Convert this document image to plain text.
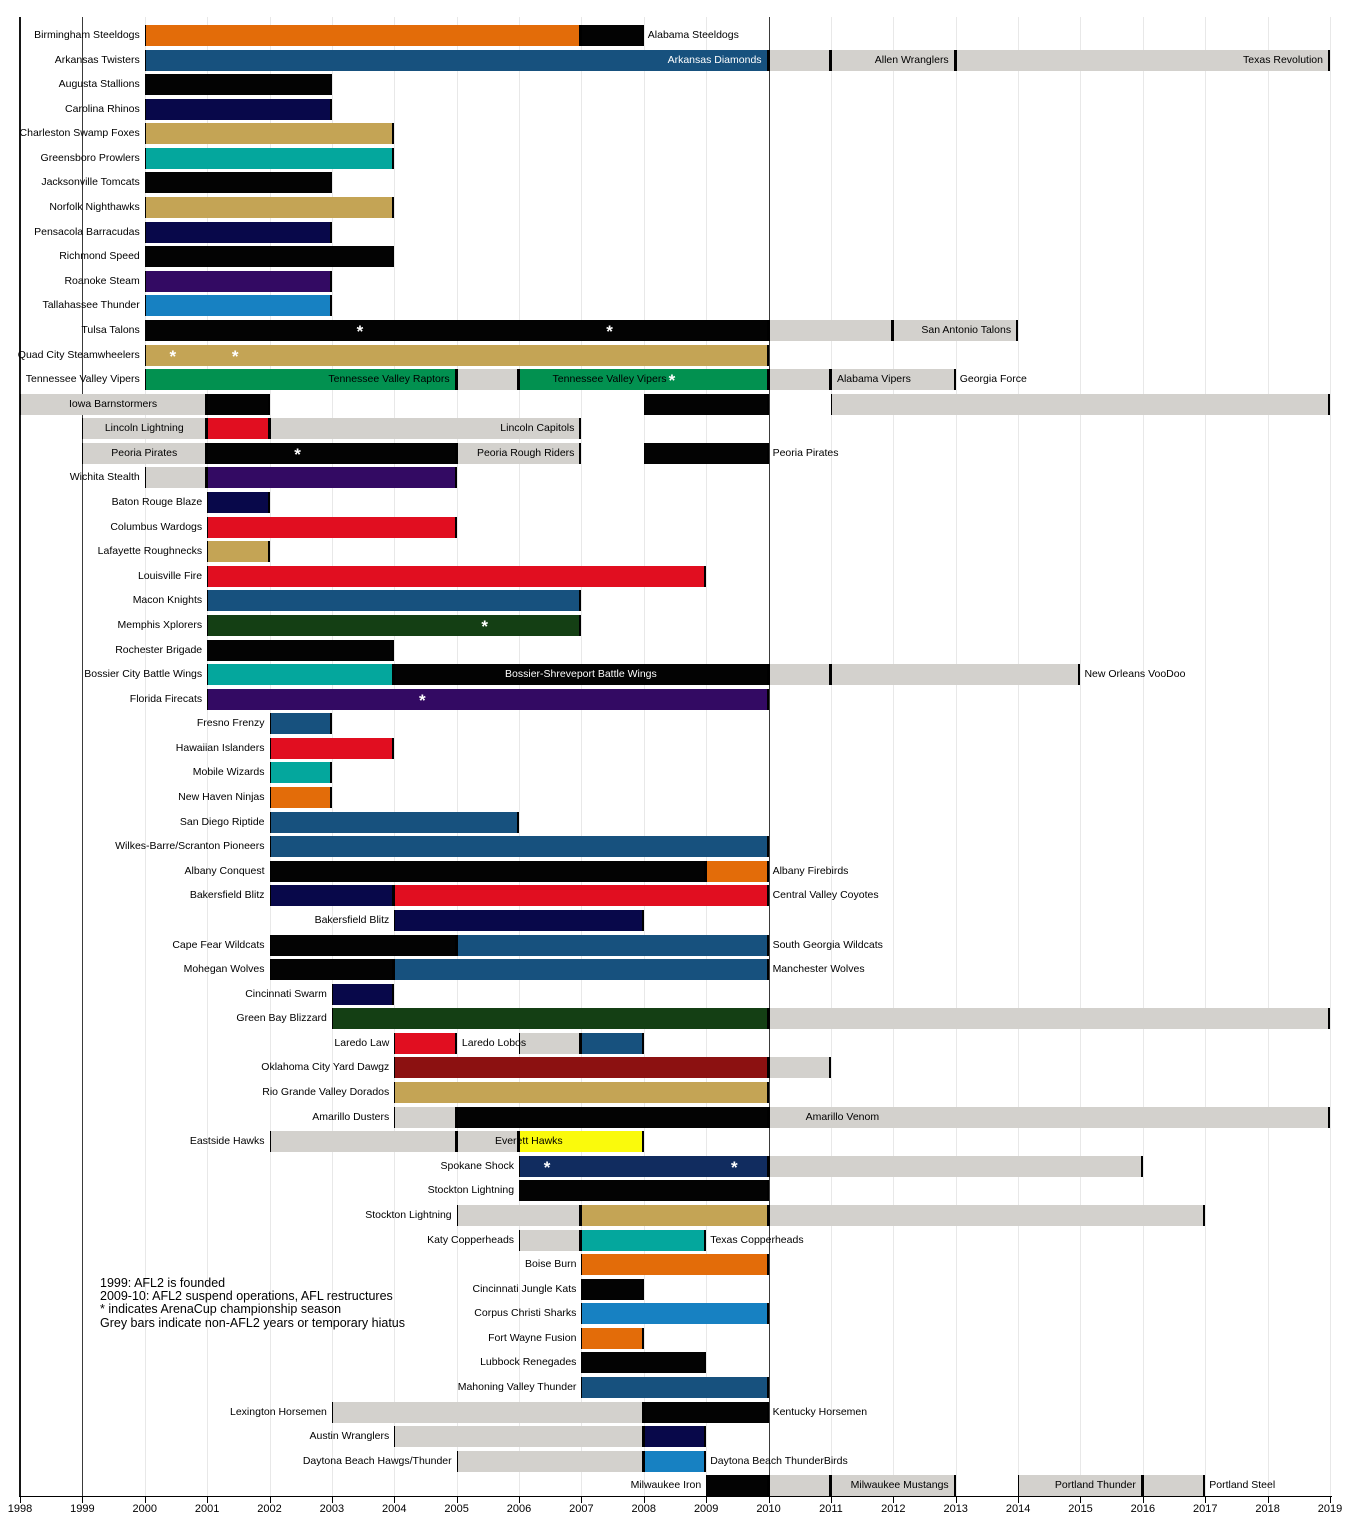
1998	1999	2000	2001	2002	2003	2004	2005	2006	2007	2008	2009	2010	2011	2012	2013	2014	2015	2016	2017	2018	2019
Birmingham Steeldogs	Alabama Steeldogs
Arkansas Twisters	Arkansas Diamonds	Allen Wranglers	Texas Revolution
Augusta Stallions
Carolina Rhinos
Charleston Swamp Foxes
Greensboro Prowlers
Jacksonville Tomcats
Norfolk Nighthawks
Pensacola Barracudas
Richmond Speed
Roanoke Steam
Tallahassee Thunder
Tulsa Talons	*	*	San Antonio Talons
Quad City Steamwheelers *	*
Tennessee Valley Vipers	Tennessee Valley Raptors	Tennessee Valley Vipers *	Alabama Vipers	Georgia Force
Iowa Barnstormers
Lincoln Lightning	Lincoln Capitols
Peoria Pirates	*	Peoria Rough Riders	Peoria Pirates
Wichita Stealth
Baton Rouge Blaze
Columbus Wardogs
Lafayette Roughnecks
Louisville Fire
Macon Knights
Memphis Xplorers	*
Rochester Brigade
Bossier City Battle Wings	Bossier-Shreveport Battle Wings	New Orleans VooDoo
Florida Firecats	*
Fresno Frenzy
Hawaiian Islanders
Mobile Wizards
New Haven Ninjas
San Diego Riptide
Wilkes-Barre/Scranton Pioneers
Albany Conquest	Albany Firebirds
Bakersfield Blitz	Central Valley Coyotes
Bakersfield Blitz
Cape Fear Wildcats	South Georgia Wildcats
Mohegan Wolves	Manchester Wolves
Cincinnati Swarm
Green Bay Blizzard
Laredo Law	Laredo Lobos
Oklahoma City Yard Dawgz
Rio Grande Valley Dorados
Amarillo Dusters	Amarillo Venom
Eastside Hawks	Everett Hawks
Spokane Shock *	*
Stockton Lightning
Stockton Lightning
Katy Copperheads	Texas Copperheads
Boise Burn
Cincinnati Jungle Kats
Corpus Christi Sharks
Fort Wayne Fusion
Lubbock Renegades
Mahoning Valley Thunder
Lexington Horsemen	Kentucky Horsemen
Austin Wranglers
Daytona Beach Hawgs/Thunder	Daytona Beach ThunderBirds
Milwaukee Iron	Milwaukee Mustangs	Portland Thunder	Portland Steel
1999: AFL2 is founded
2009-10: AFL2 suspend operations, AFL restructures
* indicates ArenaCup championship season
Grey bars indicate non-AFL2 years or temporary hiatus
